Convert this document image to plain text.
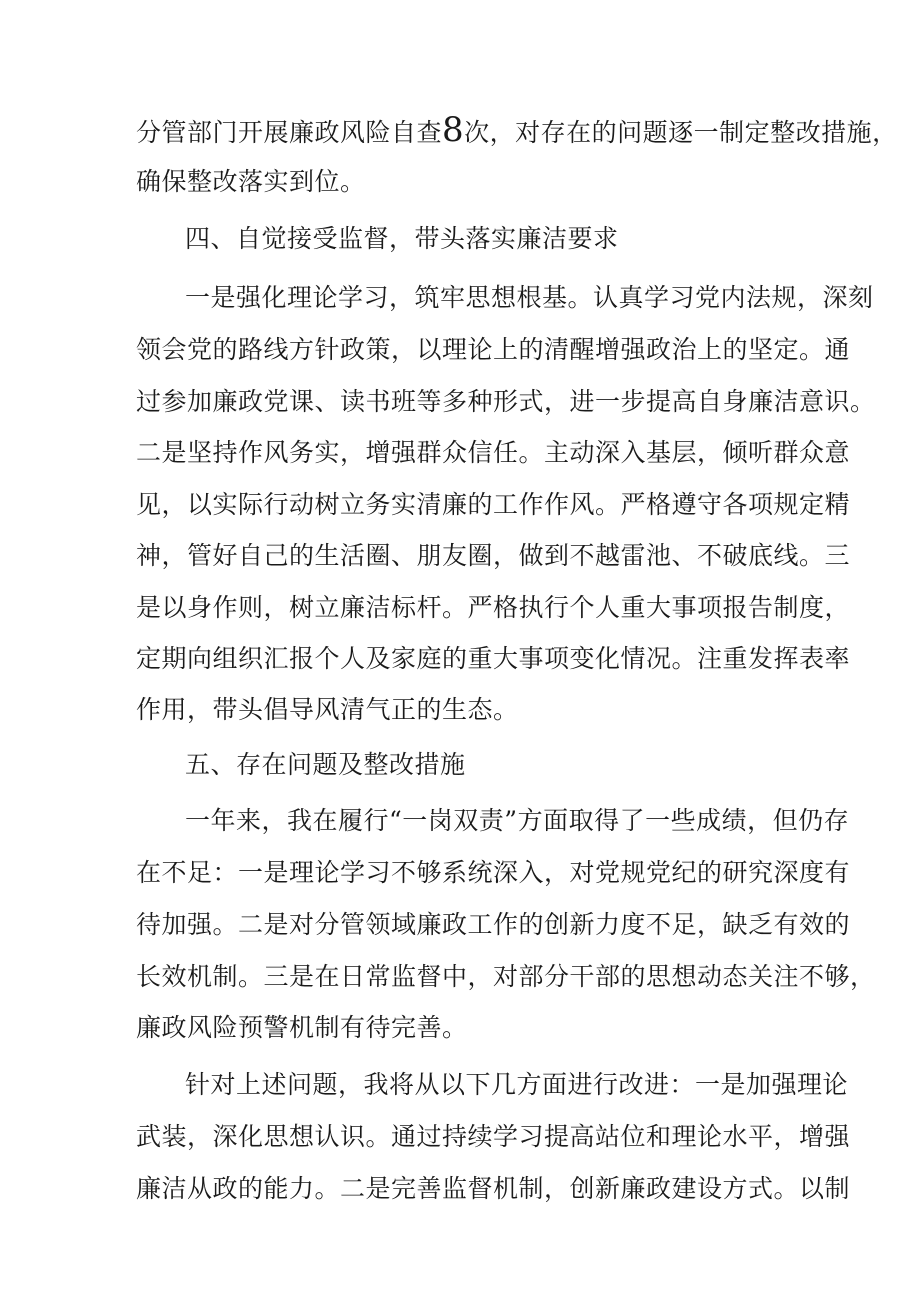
分管部门开展廉政风险自查8次，对存在的问题逐一制定整改措施，
确保整改落实到位。
四、自觉接受监督，带头落实廉洁要求
一是强化理论学习，筑牢思想根基。认真学习党内法规，深刻
领会党的路线方针政策，以理论上的清醒增强政治上的坚定。通
过参加廉政党课、读书班等多种形式，进一步提高自身廉洁意识。
二是坚持作风务实，增强群众信任。主动深入基层，倾听群众意
见，以实际行动树立务实清廉的工作作风。严格遵守各项规定精
神，管好自己的生活圈、朋友圈，做到不越雷池、不破底线。三
是以身作则，树立廉洁标杆。严格执行个人重大事项报告制度，
定期向组织汇报个人及家庭的重大事项变化情况。注重发挥表率
作用，带头倡导风清气正的生态。
五、存在问题及整改措施
一年来，我在履行“一岗双责”方面取得了一些成绩，但仍存
在不足：一是理论学习不够系统深入，对党规党纪的研究深度有
待加强。二是对分管领域廉政工作的创新力度不足，缺乏有效的
长效机制。三是在日常监督中，对部分干部的思想动态关注不够，
廉政风险预警机制有待完善。
针对上述问题，我将从以下几方面进行改进：一是加强理论
武装，深化思想认识。通过持续学习提高站位和理论水平，增强
廉洁从政的能力。二是完善监督机制，创新廉政建设方式。以制
